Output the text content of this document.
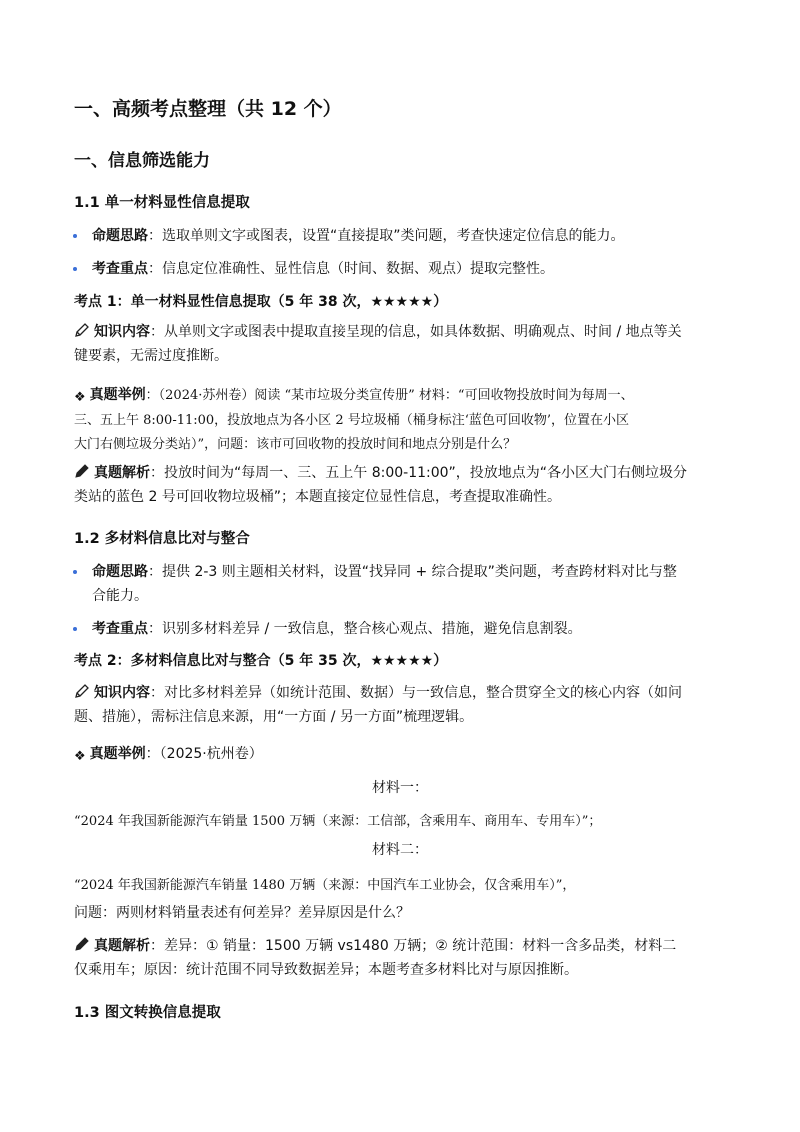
一、高频考点整理（共 12 个）
一、信息筛选能力
1.1 单一材料显性信息提取
命题思路：选取单则文字或图表，设置“直接提取”类问题，考查快速定位信息的能力。
考查重点：信息定位准确性、显性信息（时间、数据、观点）提取完整性。
考点 1：单一材料显性信息提取（5 年 38 次，★★★★★）
知识内容：从单则文字或图表中提取直接呈现的信息，如具体数据、明确观点、时间 / 地点等关
键要素，无需过度推断。
❖ 真题举例：（2024·苏州卷）阅读 “某市垃圾分类宣传册” 材料：“可回收物投放时间为每周一、
三、五上午 8:00-11:00，投放地点为各小区 2 号垃圾桶（桶身标注‘蓝色可回收物’，位置在小区
大门右侧垃圾分类站）”，问题：该市可回收物的投放时间和地点分别是什么？
真题解析：投放时间为“每周一、三、五上午 8:00-11:00”，投放地点为“各小区大门右侧垃圾分
类站的蓝色 2 号可回收物垃圾桶”；本题直接定位显性信息，考查提取准确性。
1.2 多材料信息比对与整合
命题思路：提供 2-3 则主题相关材料，设置“找异同 + 综合提取”类问题，考查跨材料对比与整
合能力。
考查重点：识别多材料差异 / 一致信息，整合核心观点、措施，避免信息割裂。
考点 2：多材料信息比对与整合（5 年 35 次，★★★★★）
知识内容：对比多材料差异（如统计范围、数据）与一致信息，整合贯穿全文的核心内容（如问
题、措施），需标注信息来源，用“一方面 / 另一方面”梳理逻辑。
❖ 真题举例：（2025·杭州卷）
材料一：
“2024 年我国新能源汽车销量 1500 万辆（来源：工信部，含乘用车、商用车、专用车）”；
材料二：
“2024 年我国新能源汽车销量 1480 万辆（来源：中国汽车工业协会，仅含乘用车）”，
问题：两则材料销量表述有何差异？差异原因是什么？
真题解析：差异：① 销量：1500 万辆 vs1480 万辆；② 统计范围：材料一含多品类，材料二
仅乘用车；原因：统计范围不同导致数据差异；本题考查多材料比对与原因推断。
1.3 图文转换信息提取
